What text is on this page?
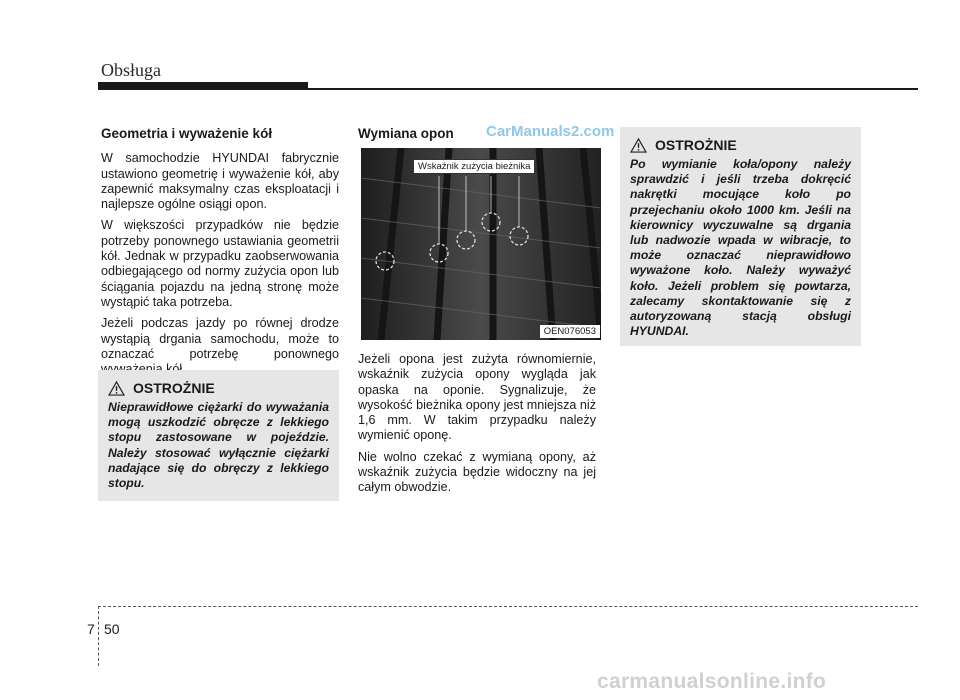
Obsługa
Geometria i wyważenie kół

W samochodzie HYUNDAI fabrycznie ustawiono geometrię i wyważenie kół, aby zapewnić maksymalny czas eksploatacji i najlepsze ogólne osiągi opon.

W większości przypadków nie będzie potrzeby ponownego ustawiania geometrii kół. Jednak w przypadku zaobserwowania odbiegającego od normy zużycia opon lub ściągania pojazdu na jedną stronę może wystąpić taka potrzeba.

Jeżeli podczas jazdy po równej drodze wystąpią drgania samochodu, może to oznaczać potrzebę ponownego

OSTROŻNIE
Nieprawidłowe ciężarki do wyważania mogą uszkodzić obręcze z lekkiego stopu zastosowane w pojeździe. Należy stosować wyłącznie ciężarki nadające się do obręczy z lekkiego stopu.
Wymiana opon	CarManuals2.com
Wskaźnik zużycia bieżnika
OEN076053

Jeżeli opona jest zużyta równomiernie, wskaźnik zużycia opony wygląda jak opaska na oponie. Sygnalizuje, że wysokość bieżnika opony jest mniejsza niż 1,6 mm. W takim przypadku należy wymienić oponę.

Nie wolno czekać z wymianą opony, aż wskaźnik zużycia będzie widoczny na jej całym obwodzie.

OSTROŻNIE
Po wymianie koła/opony należy sprawdzić i jeśli trzeba dokręcić nakrętki mocujące koło po przejechaniu około 1000 km. Jeśli na kierownicy wyczuwalne są drgania lub nadwozie wpada w wibracje, to może oznaczać nieprawidłowo wyważone koło. Należy wyważyć koło. Jeżeli problem się powtarza, zalecamy skontaktowanie się z autoryzowaną stacją obsługi HYUNDAI.
7 50
carmanualsonline.info
